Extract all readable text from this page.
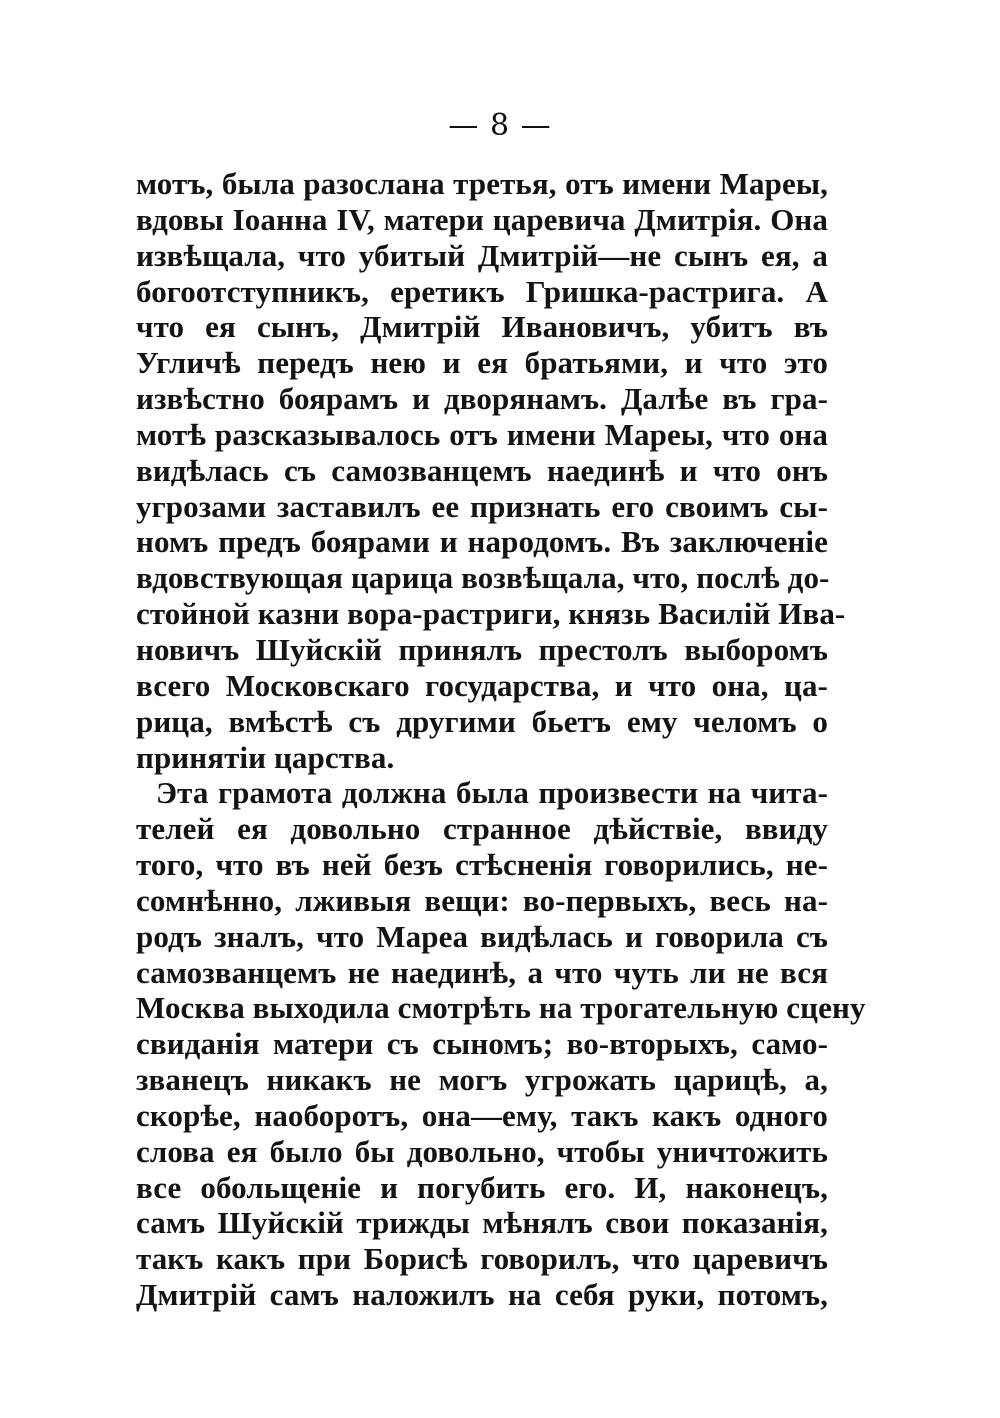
— 8 —
мотъ, была разослана третья, отъ имени Мареы,
вдовы Іоанна IV, матери царевича Дмитрія. Она
извѣщала, что убитый Дмитрій—не сынъ ея, а
богоотступникъ, еретикъ Гришка-растрига. А
что ея сынъ, Дмитрій Ивановичъ, убитъ въ
Угличѣ передъ нею и ея братьями, и что это
извѣстно боярамъ и дворянамъ. Далѣе въ гра-
мотѣ разсказывалось отъ имени Мареы, что она
видѣлась съ самозванцемъ наединѣ и что онъ
угрозами заставилъ ее признать его своимъ сы-
номъ предъ боярами и народомъ. Въ заключеніе
вдовствующая царица возвѣщала, что, послѣ до-
стойной казни вора-растриги, князь Василій Ива-
новичъ Шуйскій принялъ престолъ выборомъ
всего Московскаго государства, и что она, ца-
рица, вмѣстѣ съ другими бьетъ ему челомъ о
принятіи царства.
Эта грамота должна была произвести на чита-
телей ея довольно странное дѣйствіе, ввиду
того, что въ ней безъ стѣсненія говорились, не-
сомнѣнно, лживыя вещи: во-первыхъ, весь на-
родъ зналъ, что Мареа видѣлась и говорила съ
самозванцемъ не наединѣ, а что чуть ли не вся
Москва выходила смотрѣть на трогательную сцену
свиданія матери съ сыномъ; во-вторыхъ, само-
званецъ никакъ не могъ угрожать царицѣ, а,
скорѣе, наоборотъ, она—ему, такъ какъ одного
слова ея было бы довольно, чтобы уничтожить
все обольщеніе и погубить его. И, наконецъ,
самъ Шуйскій трижды мѣнялъ свои показанія,
такъ какъ при Борисѣ говорилъ, что царевичъ
Дмитрій самъ наложилъ на себя руки, потомъ,
